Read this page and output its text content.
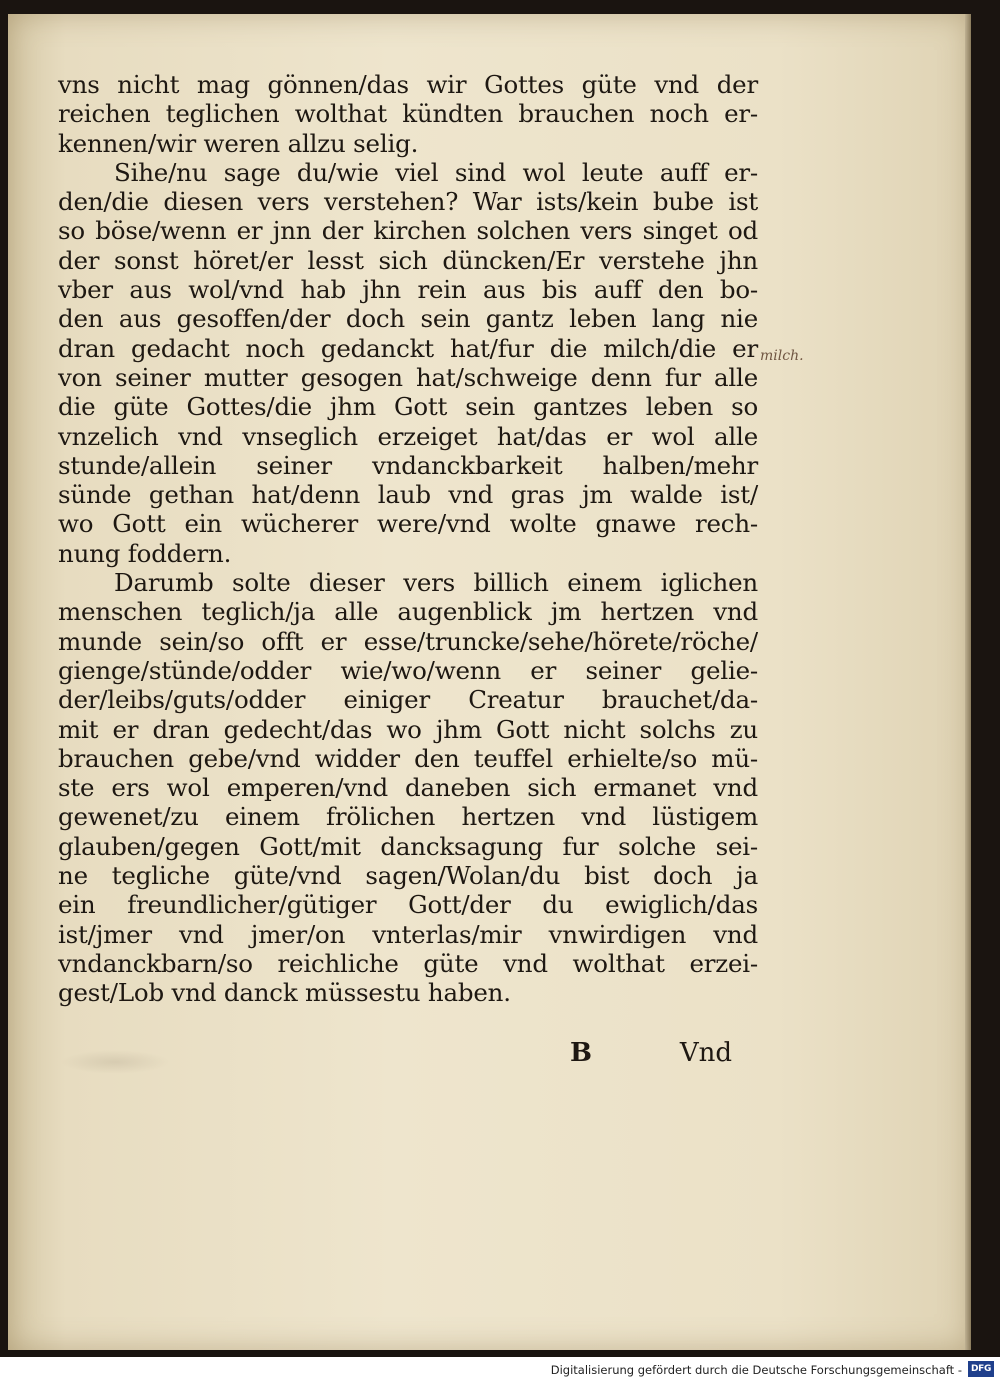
vns nicht mag gönnen/das wir Gottes güte vnd der
reichen teglichen wolthat kündten brauchen noch er-
kennen/wir weren allzu selig.
Sihe/nu sage du/wie viel sind wol leute auff er-
den/die diesen vers verstehen? War ists/kein bube ist
so böse/wenn er jnn der kirchen solchen vers singet od
der sonst höret/er lesst sich düncken/Er verstehe jhn
vber aus wol/vnd hab jhn rein aus bis auff den bo-
den aus gesoffen/der doch sein gantz leben lang nie
dran gedacht noch gedanckt hat/fur die milch/die er
von seiner mutter gesogen hat/schweige denn fur alle
die güte Gottes/die jhm Gott sein gantzes leben so
vnzelich vnd vnseglich erzeiget hat/das er wol alle
stunde/allein seiner vndanckbarkeit halben/mehr
sünde gethan hat/denn laub vnd gras jm walde ist/
wo Gott ein wücherer were/vnd wolte gnawe rech-
nung foddern.
Darumb solte dieser vers billich einem iglichen
menschen teglich/ja alle augenblick jm hertzen vnd
munde sein/so offt er esse/truncke/sehe/hörete/röche/
gienge/stünde/odder wie/wo/wenn er seiner gelie-
der/leibs/guts/odder einiger Creatur brauchet/da-
mit er dran gedecht/das wo jhm Gott nicht solchs zu
brauchen gebe/vnd widder den teuffel erhielte/so mü-
ste ers wol emperen/vnd daneben sich ermanet vnd
gewenet/zu einem frölichen hertzen vnd lüstigem
glauben/gegen Gott/mit dancksagung fur solche sei-
ne tegliche güte/vnd sagen/Wolan/du bist doch ja
ein freundlicher/gütiger Gott/der du ewiglich/das
ist/jmer vnd jmer/on vnterlas/mir vnwirdigen vnd
vndanckbarn/so reichliche güte vnd wolthat erzei-
gest/Lob vnd danck müssestu haben.
B	Vnd
milch.
Digitalisierung gefördert durch die Deutsche Forschungsgemeinschaft - DFG
